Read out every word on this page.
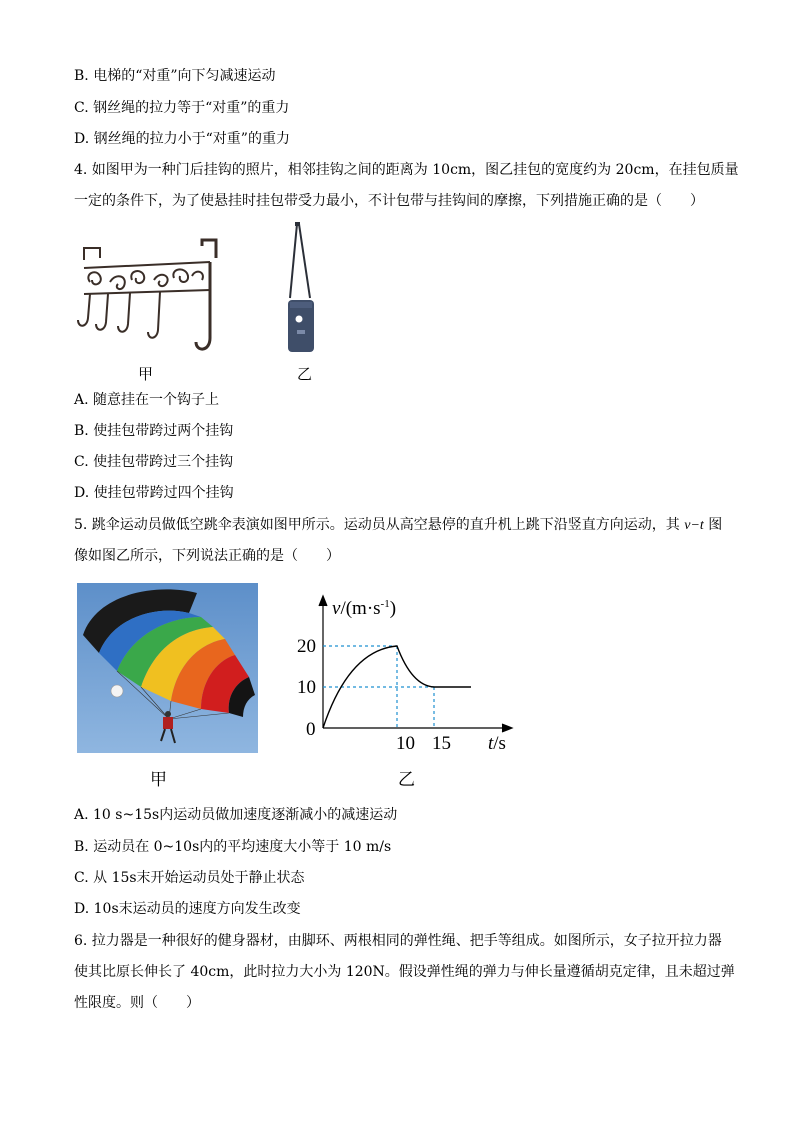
B. 电梯的“对重”向下匀减速运动
C. 钢丝绳的拉力等于“对重”的重力
D. 钢丝绳的拉力小于“对重”的重力
4. 如图甲为一种门后挂钩的照片，相邻挂钩之间的距离为 10cm，图乙挂包的宽度约为 20cm，在挂包质量
一定的条件下，为了使悬挂时挂包带受力最小，不计包带与挂钩间的摩擦，下列措施正确的是（　　）
甲	乙
A. 随意挂在一个钩子上
B. 使挂包带跨过两个挂钩
C. 使挂包带跨过三个挂钩
D. 使挂包带跨过四个挂钩
5. 跳伞运动员做低空跳伞表演如图甲所示。运动员从高空悬停的直升机上跳下沿竖直方向运动，其 v−t 图
像如图乙所示，下列说法正确的是（　　）
甲
$v/(m\cdot s^{-1})$
t/s
20
10
0
10 15
乙
A. 10 s~15s内运动员做加速度逐渐减小的减速运动
B. 运动员在 0~10s内的平均速度大小等于 10 m/s
C. 从 15s末开始运动员处于静止状态
D. 10s末运动员的速度方向发生改变
6. 拉力器是一种很好的健身器材，由脚环、两根相同的弹性绳、把手等组成。如图所示，女子拉开拉力器
使其比原长伸长了 40cm，此时拉力大小为 120N。假设弹性绳的弹力与伸长量遵循胡克定律，且未超过弹
性限度。则（　　）
